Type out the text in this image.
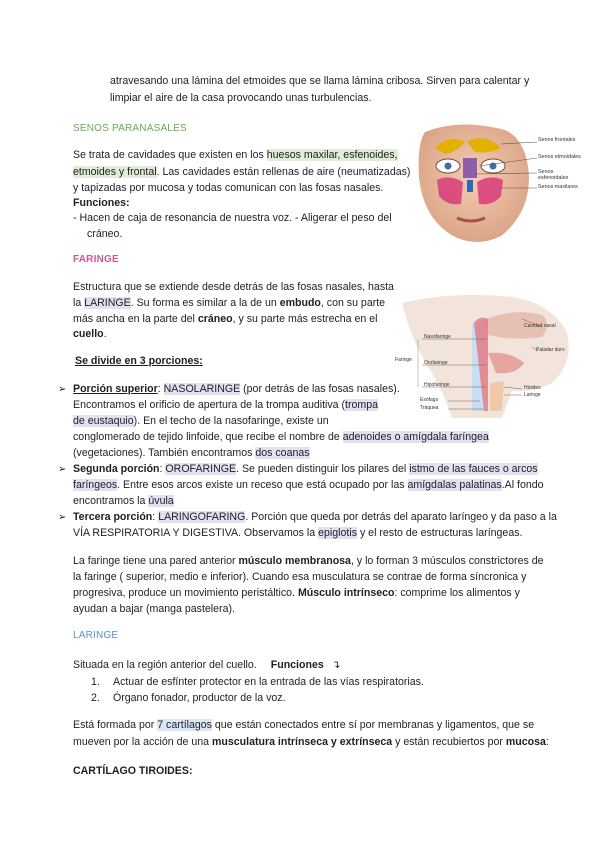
atravesando una lámina del etmoides que se llama lámina cribosa. Sirven para calentar y
limpiar el aire de la casa provocando unas turbulencias.
SENOS PARANASALES
Se trata de cavidades que existen en los huesos maxilar, esfenoides,
etmoides y frontal. Las cavidades están rellenas de aire (neumatizadas)
y tapizadas por mucosa y todas comunican con las fosas nasales.
Funciones:
- Hacen de caja de resonancia de nuestra voz. - Aligerar el peso del
cráneo.
Senos frontales
Senos etmoidales
Senos esfenoidales
Senos maxilares
FARINGE
Estructura que se extiende desde detrás de las fosas nasales, hasta
la LARINGE. Su forma es similar a la de un embudo, con su parte
más ancha en la parte del cráneo, y su parte más estrecha en el
cuello.
Se divide en 3 porciones:	Faringe
Nasofaringe
Orofaringe
Hipofaringe
Esófago
Tráquea
Cavidad nasal
Paladar duro
Hioides
Laringe
➢ Porción superior: NASOLARINGE (por detrás de las fosas nasales).
Encontramos el orificio de apertura de la trompa auditiva (trompa
de eustaquio). En el techo de la nasofaringe, existe un
conglomerado de tejido linfoide, que recibe el nombre de adenoides o amígdala faríngea
(vegetaciones). También encontramos dos coanas
➢ Segunda porción: OROFARINGE. Se pueden distinguir los pilares del istmo de las fauces o arcos
faríngeos. Entre esos arcos existe un receso que está ocupado por las amígdalas palatinas.Al fondo
encontramos la úvula
➢ Tercera porción: LARINGOFARING. Porción que queda por detrás del aparato laríngeo y da paso a la
VÍA RESPIRATORIA Y DIGESTIVA. Observamos la epiglotis y el resto de estructuras laríngeas.
La faringe tiene una pared anterior músculo membranosa, y lo forman 3 músculos constrictores de
la faringe ( superior, medio e inferior). Cuando esa musculatura se contrae de forma síncronica y
progresiva, produce un movimiento peristáltico. Músculo intrínseco: comprime los alimentos y
ayudan a bajar (manga pastelera).
LARINGE
Situada en la región anterior del cuello. Funciones ↴
1. Actuar de esfínter protector en la entrada de las vías respiratorias.
2. Órgano fonador, productor de la voz.
Está formada por 7 cartílagos que están conectados entre sí por membranas y ligamentos, que se
mueven por la acción de una musculatura intrínseca y extrínseca y están recubiertos por mucosa:
CARTÍLAGO TIROIDES:
